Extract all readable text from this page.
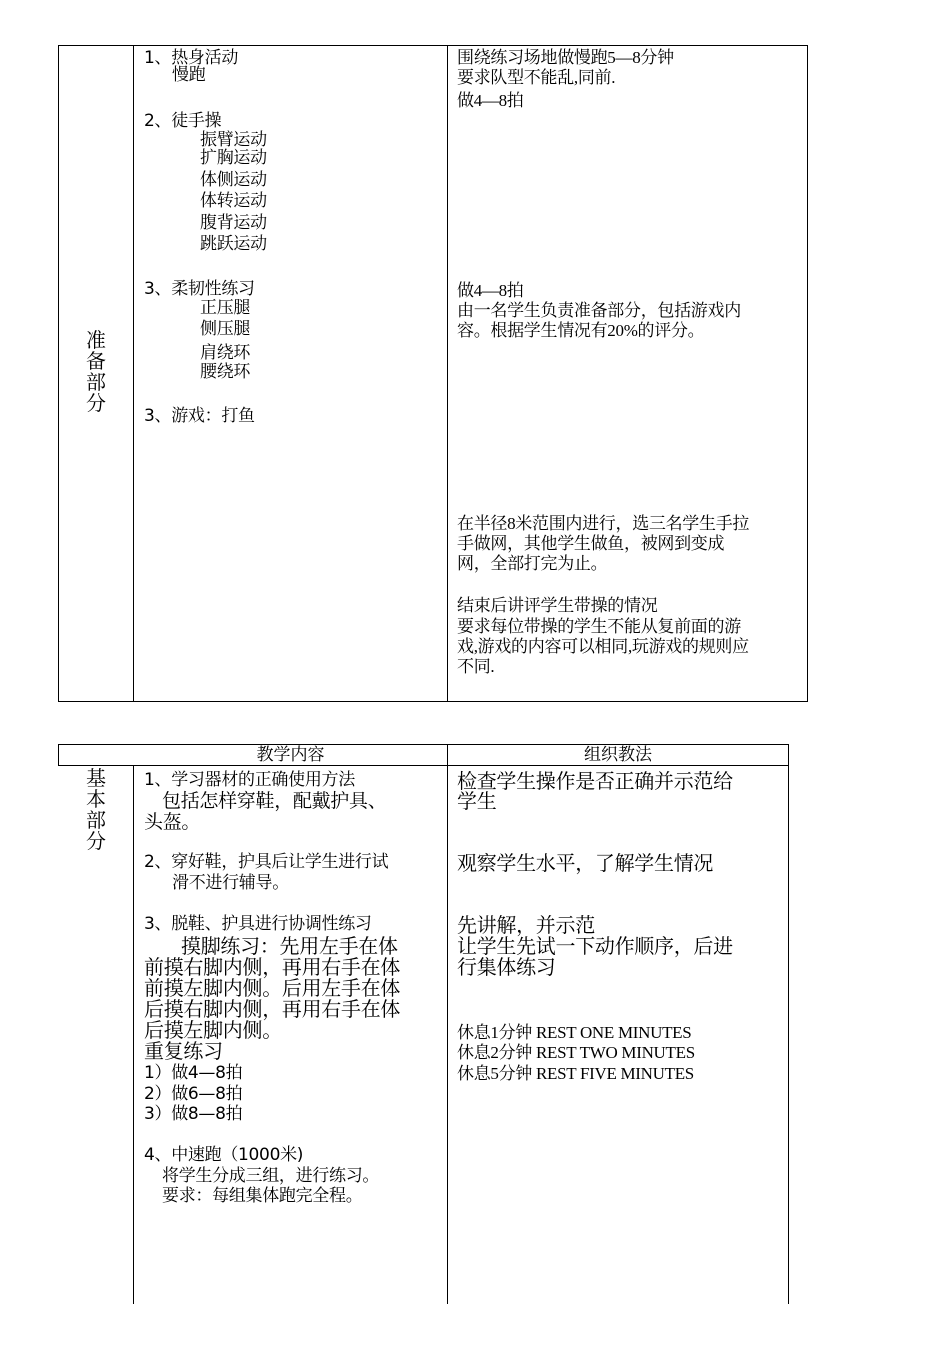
准
备
部
分
1、热身活动
慢跑
2、徒手操
振臂运动
扩胸运动
体侧运动
体转运动
腹背运动
跳跃运动
3、柔韧性练习
正压腿
侧压腿
肩绕环
腰绕环
3、游戏：打鱼
围绕练习场地做慢跑5—8分钟
要求队型不能乱,同前.
做4—8拍
做4—8拍
由一名学生负责准备部分，包括游戏内
容。根据学生情况有20%的评分。
在半径8米范围内进行，选三名学生手拉
手做网，其他学生做鱼，被网到变成
网，全部打完为止。
结束后讲评学生带操的情况
要求每位带操的学生不能从复前面的游
戏,游戏的内容可以相同,玩游戏的规则应
不同.
教学内容	组织教法
基
本
部
分
1、学习器材的正确使用方法
包括怎样穿鞋，配戴护具、
头盔。
2、穿好鞋，护具后让学生进行试
滑不进行辅导。
3、脱鞋、护具进行协调性练习
摸脚练习：先用左手在体
前摸右脚内侧，再用右手在体
前摸左脚内侧。后用左手在体
后摸右脚内侧，再用右手在体
后摸左脚内侧。
重复练习
1）做4—8拍
2）做6—8拍
3）做8—8拍
4、中速跑（1000米)
将学生分成三组，进行练习。
要求：每组集体跑完全程。
检查学生操作是否正确并示范给
学生
观察学生水平，了解学生情况
先讲解，并示范
让学生先试一下动作顺序，后进
行集体练习
休息1分钟 REST ONE MINUTES
休息2分钟 REST TWO MINUTES
休息5分钟 REST FIVE MINUTES
